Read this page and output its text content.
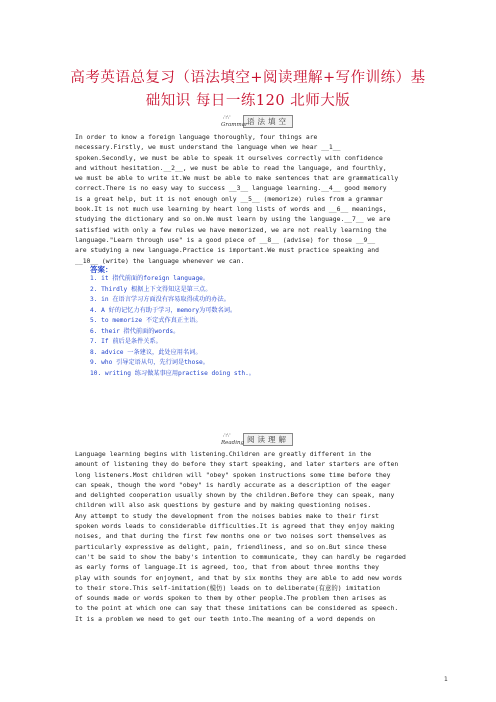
高考英语总复习（语法填空+阅读理解+写作训练）基
础知识 每日一练120 北师大版
∴·∵
Grammar 语法填空
In order to know a foreign language thoroughly, four things are
necessary.Firstly, we must understand the language when we hear __1__
spoken.Secondly, we must be able to speak it ourselves correctly with confidence
and without hesitation.__2__, we must be able to read the language, and fourthly,
we must be able to write it.We must be able to make sentences that are grammatically
correct.There is no easy way to success __3__ language learning.__4__ good memory
is a great help, but it is not enough only __5__ (memorize) rules from a grammar
book.It is not much use learning by heart long lists of words and __6__ meanings,
studying the dictionary and so on.We must learn by using the language.__7__ we are
satisfied with only a few rules we have memorized, we are not really learning the
language."Learn through use" is a good piece of __8__ (advise) for those __9__
are studying a new language.Practice is important.We must practice speaking and
__10__ (write) the language whenever we can.
答案：
1. it 指代前面的foreign language。
2. Thirdly 根据上下文得知这是第三点。
3. in 在语言学习方面没有容易取得成功的办法。
4. A 好的记忆力有助于学习，memory为可数名词。
5. to memorize 不定式作真正主语。
6. their 指代前面的words。
7. If 前后是条件关系。
8. advice 一条建议，此处应用名词。
9. who 引导定语从句，先行词是those。
10. writing 练习做某事应用practise doing sth.。
∴·∵
Reading 阅读理解
Language learning begins with listening.Children are greatly different in the
amount of listening they do before they start speaking, and later starters are often
long listeners.Most children will "obey" spoken instructions some time before they
can speak, though the word "obey" is hardly accurate as a description of the eager
and delighted cooperation usually shown by the children.Before they can speak, many
children will also ask questions by gesture and by making questioning noises.
Any attempt to study the development from the noises babies make to their first
spoken words leads to considerable difficulties.It is agreed that they enjoy making
noises, and that during the first few months one or two noises sort themselves as
particularly expressive as delight, pain, friendliness, and so on.But since these
can't be said to show the baby's intention to communicate, they can hardly be regarded
as early forms of language.It is agreed, too, that from about three months they
play with sounds for enjoyment, and that by six months they are able to add new words
to their store.This self-imitation(模仿) leads on to deliberate(有意的) imitation
of sounds made or words spoken to them by other people.The problem then arises as
to the point at which one can say that these imitations can be considered as speech.
It is a problem we need to get our teeth into.The meaning of a word depends on
1
